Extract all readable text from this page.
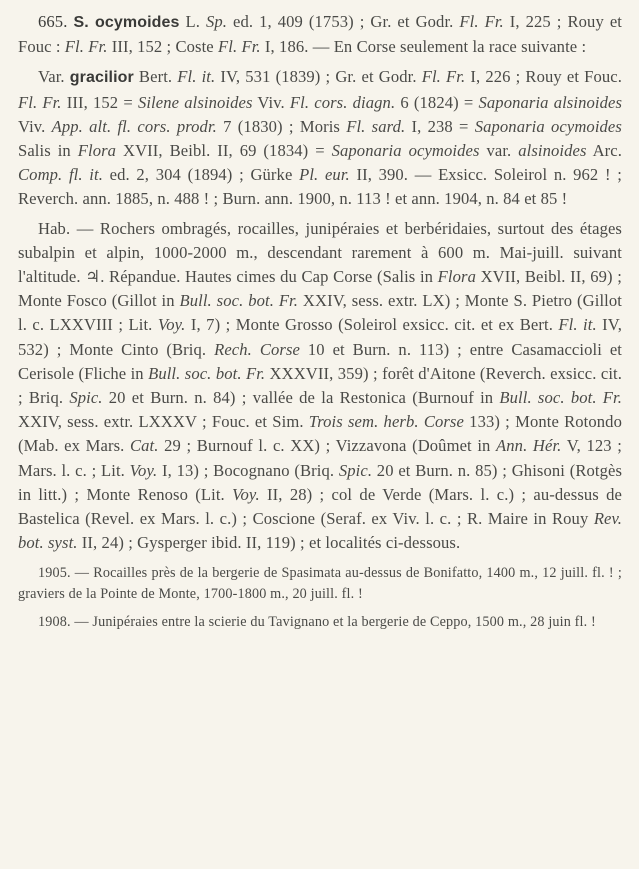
665. S. ocymoides L. Sp. ed. 1, 409 (1753) ; Gr. et Godr. Fl. Fr. I, 225 ; Rouy et Fouc : Fl. Fr. III, 152 ; Coste Fl. Fr. I, 186. — En Corse seulement la race suivante :

Var. gracilior Bert. Fl. it. IV, 531 (1839) ; Gr. et Godr. Fl. Fr. I, 226 ; Rouy et Fouc. Fl. Fr. III, 152 = Silene alsinoides Viv. Fl. cors. diagn. 6 (1824) = Saponaria alsinoides Viv. App. alt. fl. cors. prodr. 7 (1830) ; Moris Fl. sard. I, 238 = Saponaria ocymoides Salis in Flora XVII, Beibl. II, 69 (1834) = Saponaria ocymoides var. alsinoides Arc. Comp. fl. it. ed. 2, 304 (1894) ; Gürke Pl. eur. II, 390. — Exsicc. Soleirol n. 962 ! ; Reverch. ann. 1885, n. 488 ! ; Burn. ann. 1900, n. 113 ! et ann. 1904, n. 84 et 85 !

Hab. — Rochers ombragés, rocailles, junipéraies et berbéridaies, surtout des étages subalpin et alpin, 1000-2000 m., descendant rarement à 600 m. Mai-juill. suivant l'altitude. ♃. Répandue. Hautes cimes du Cap Corse (Salis in Flora XVII, Beibl. II, 69) ; Monte Fosco (Gillot in Bull. soc. bot. Fr. XXIV, sess. extr. LX) ; Monte S. Pietro (Gillot l. c. LXXVIII ; Lit. Voy. I, 7) ; Monte Grosso (Soleirol exsicc. cit. et ex Bert. Fl. it. IV, 532) ; Monte Cinto (Briq. Rech. Corse 10 et Burn. n. 113) ; entre Casamaccioli et Cerisole (Fliche in Bull. soc. bot. Fr. XXXVII, 359) ; forêt d'Aitone (Reverch. exsicc. cit. ; Briq. Spic. 20 et Burn. n. 84) ; vallée de la Restonica (Burnouf in Bull. soc. bot. Fr. XXIV, sess. extr. LXXXV ; Fouc. et Sim. Trois sem. herb. Corse 133) ; Monte Rotondo (Mab. ex Mars. Cat. 29 ; Burnouf l. c. XX) ; Vizzavona (Doûmet in Ann. Hér. V, 123 ; Mars. l. c. ; Lit. Voy. I, 13) ; Bocognano (Briq. Spic. 20 et Burn. n. 85) ; Ghisoni (Rotgès in litt.) ; Monte Renoso (Lit. Voy. II, 28) ; col de Verde (Mars. l. c.) ; au-dessus de Bastelica (Revel. ex Mars. l. c.) ; Coscione (Seraf. ex Viv. l. c. ; R. Maire in Rouy Rev. bot. syst. II, 24) ; Gysperger ibid. II, 119) ; et localités ci-dessous.

1905. — Rocailles près de la bergerie de Spasimata au-dessus de Bonifatto, 1400 m., 12 juill. fl. ! ; graviers de la Pointe de Monte, 1700-1800 m., 20 juill. fl. !

1908. — Junipéraies entre la scierie du Tavignano et la bergerie de Ceppo, 1500 m., 28 juin fl. !
